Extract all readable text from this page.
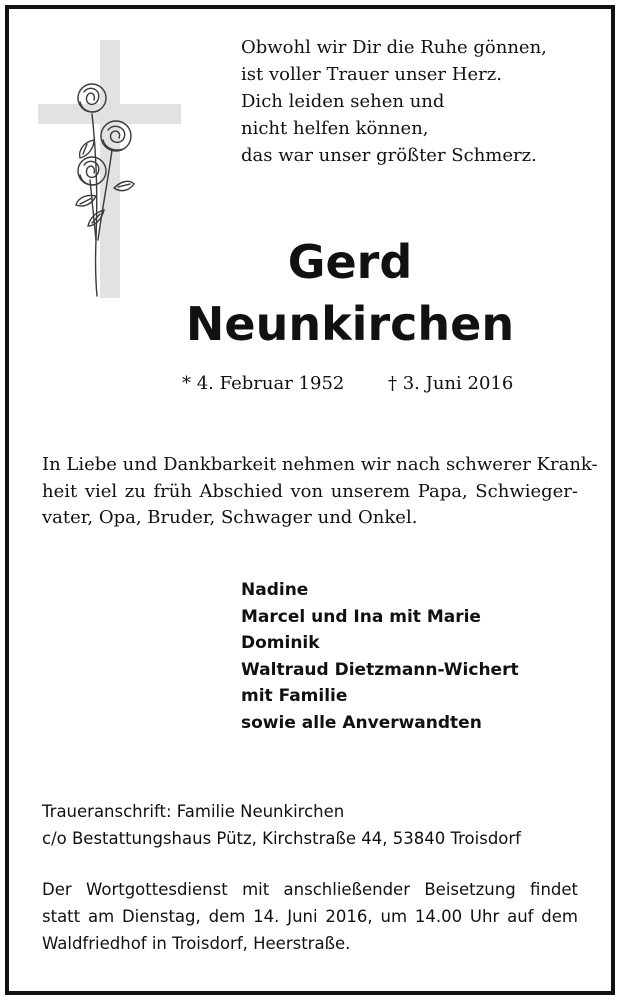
Obwohl wir Dir die Ruhe gönnen,
ist voller Trauer unser Herz.
Dich leiden sehen und
nicht helfen können,
das war unser größter Schmerz.
Gerd
Neunkirchen
* 4. Februar 1952 † 3. Juni 2016
In Liebe und Dankbarkeit nehmen wir nach schwerer Krank-
heit viel zu früh Abschied von unserem Papa, Schwieger-
vater, Opa, Bruder, Schwager und Onkel.
Nadine
Marcel und Ina mit Marie
Dominik
Waltraud Dietzmann-Wichert
mit Familie
sowie alle Anverwandten
Traueranschrift: Familie Neunkirchen
c/o Bestattungshaus Pütz, Kirchstraße 44, 53840 Troisdorf
Der Wortgottesdienst mit anschließender Beisetzung findet
statt am Dienstag, dem 14. Juni 2016, um 14.00 Uhr auf dem
Waldfriedhof in Troisdorf, Heerstraße.
